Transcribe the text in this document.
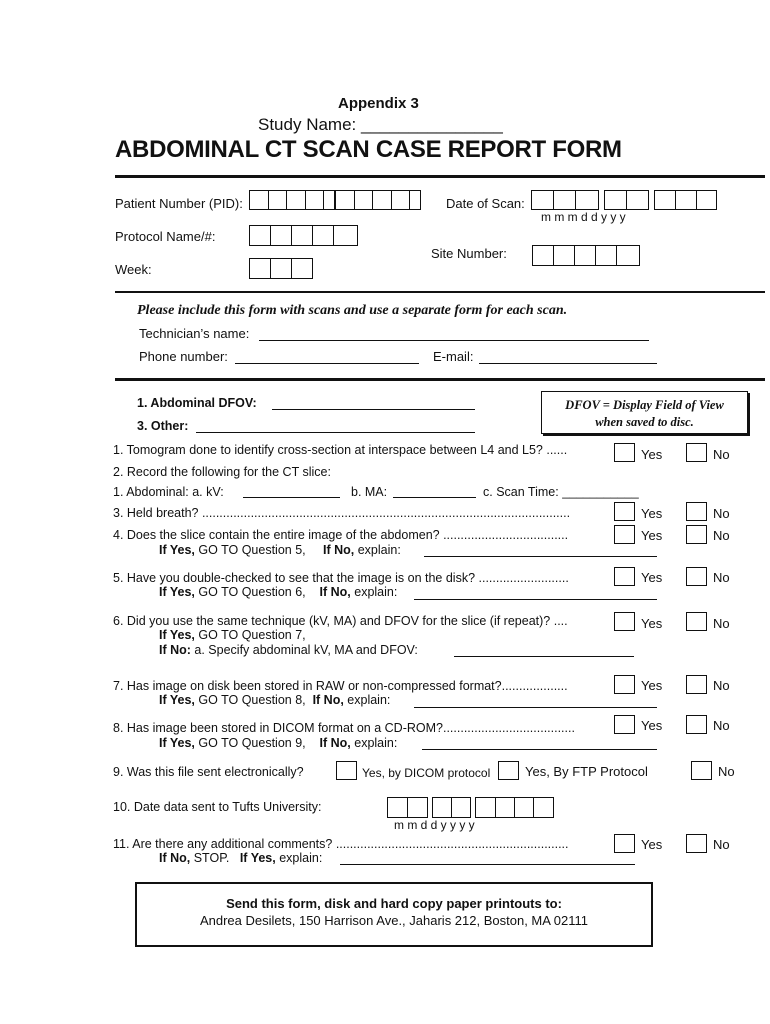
Appendix 3
Study Name: _______________
ABDOMINAL CT SCAN CASE REPORT FORM
Patient Number (PID):	Date of Scan:
m m m d d y y y
Protocol Name/#:
Site Number:
Week:
Please include this form with scans and use a separate form for each scan.
Technician’s name:
Phone number:	E-mail:
1. Abdominal DFOV:
3. Other:
DFOV = Display Field of View
when saved to disc.
1. Tomogram done to identify cross-section at interspace between L4 and L5? ......	Yes	No
2. Record the following for the CT slice:
1. Abdominal: a. kV:	b. MA:	c. Scan Time: ___________
3. Held breath? ..........................................................................................................	Yes	No
4. Does the slice contain the entire image of the abdomen? ....................................	Yes	No
If Yes, GO TO Question 5, If No, explain:
5. Have you double-checked to see that the image is on the disk? ..........................	Yes	No
If Yes, GO TO Question 6, If No, explain:
6. Did you use the same technique (kV, MA) and DFOV for the slice (if repeat)? ....	Yes	No
If Yes, GO TO Question 7,
If No: a. Specify abdominal kV, MA and DFOV:
7. Has image on disk been stored in RAW or non-compressed format?...................	Yes	No
If Yes, GO TO Question 8, If No, explain:
8. Has image been stored in DICOM format on a CD-ROM?......................................	Yes	No
If Yes, GO TO Question 9, If No, explain:
9. Was this file sent electronically?	Yes, by DICOM protocol	Yes, By FTP Protocol	No
10. Date data sent to Tufts University:
m m d d y y y y
11. Are there any additional comments? ...................................................................	Yes	No
If No, STOP. If Yes, explain:
Send this form, disk and hard copy paper printouts to:
Andrea Desilets, 150 Harrison Ave., Jaharis 212, Boston, MA 02111
